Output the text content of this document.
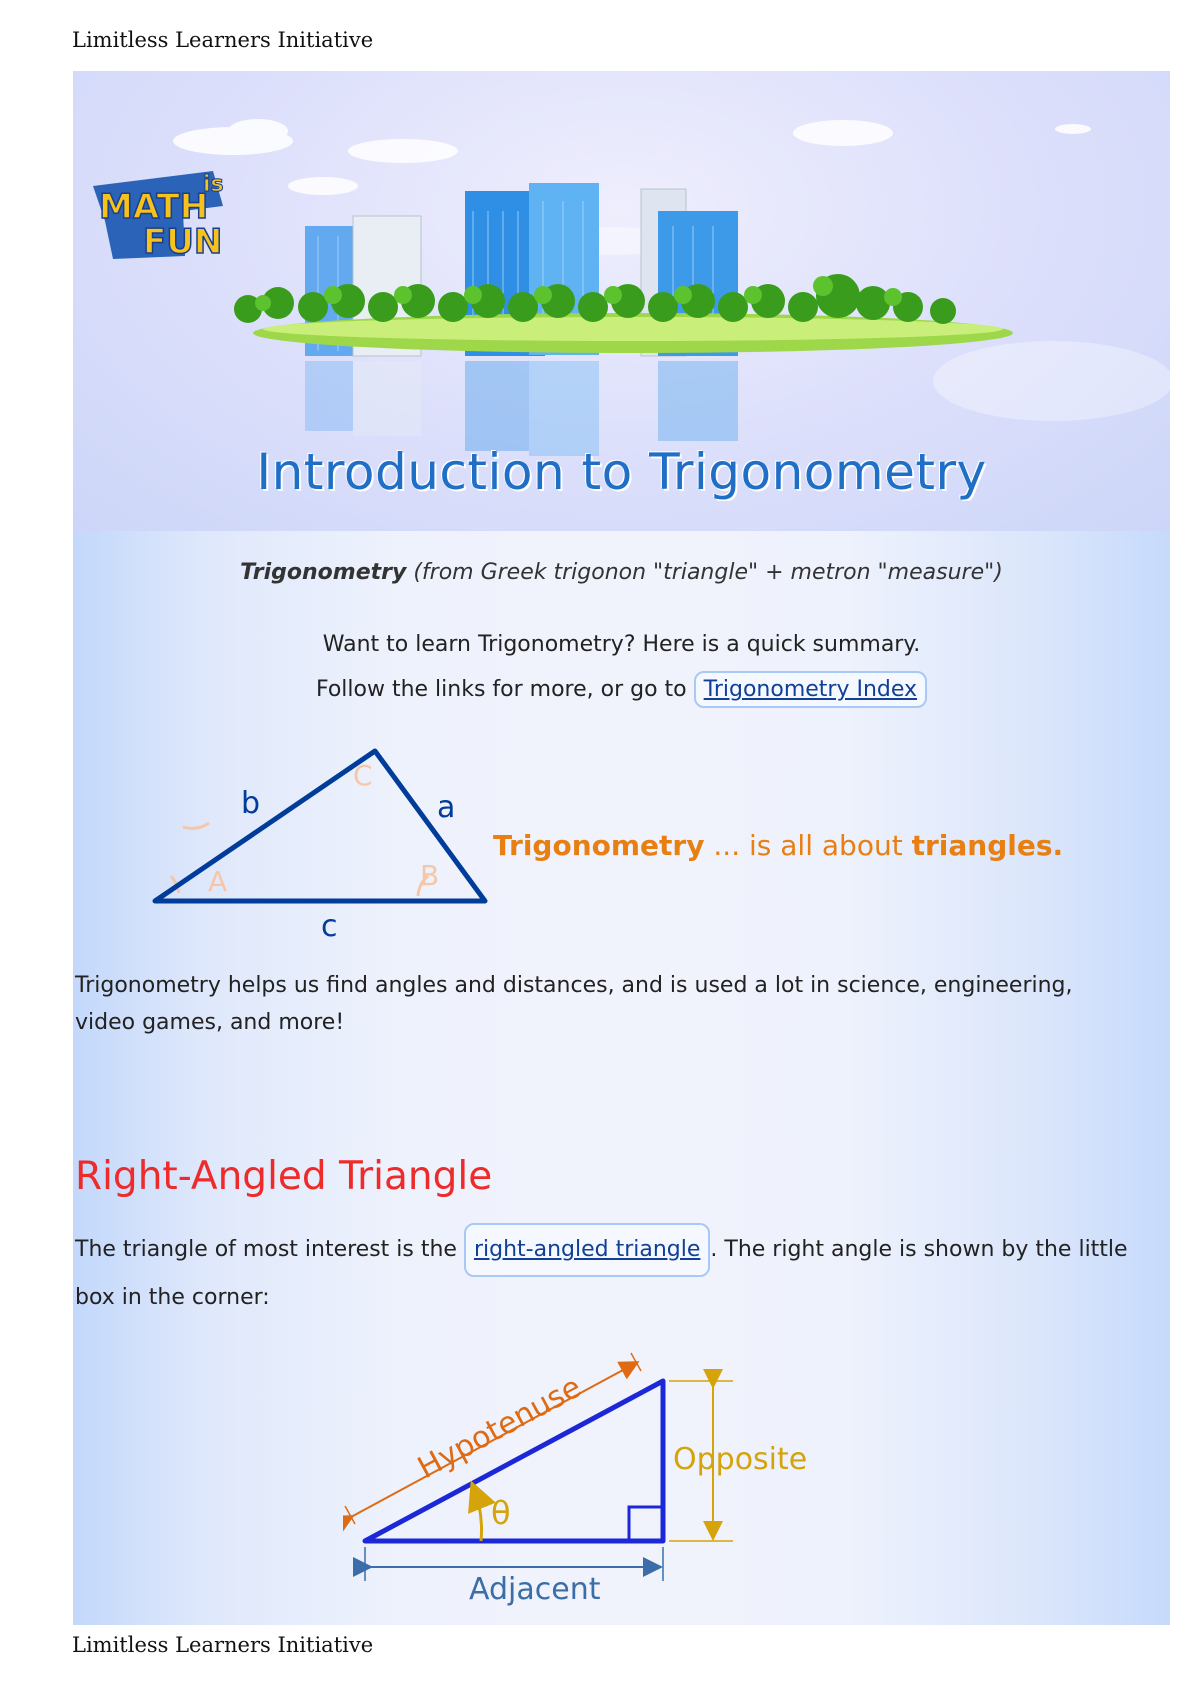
Limitless Learners Initiative
MATH
is
FUN
Introduction to Trigonometry
Trigonometry (from Greek trigonon "triangle" + metron "measure")
Want to learn Trigonometry? Here is a quick summary.
Follow the links for more, or go to Trigonometry Index
C
A	B
b	a
c
Trigonometry ... is all about triangles.
Trigonometry helps us find angles and distances, and is used a lot in science, engineering, video games, and more!
Right-Angled Triangle
The triangle of most interest is the right-angled triangle . The right angle is shown by the little box in the corner:
Hypotenuse
θ
Opposite
Adjacent
Limitless Learners Initiative
